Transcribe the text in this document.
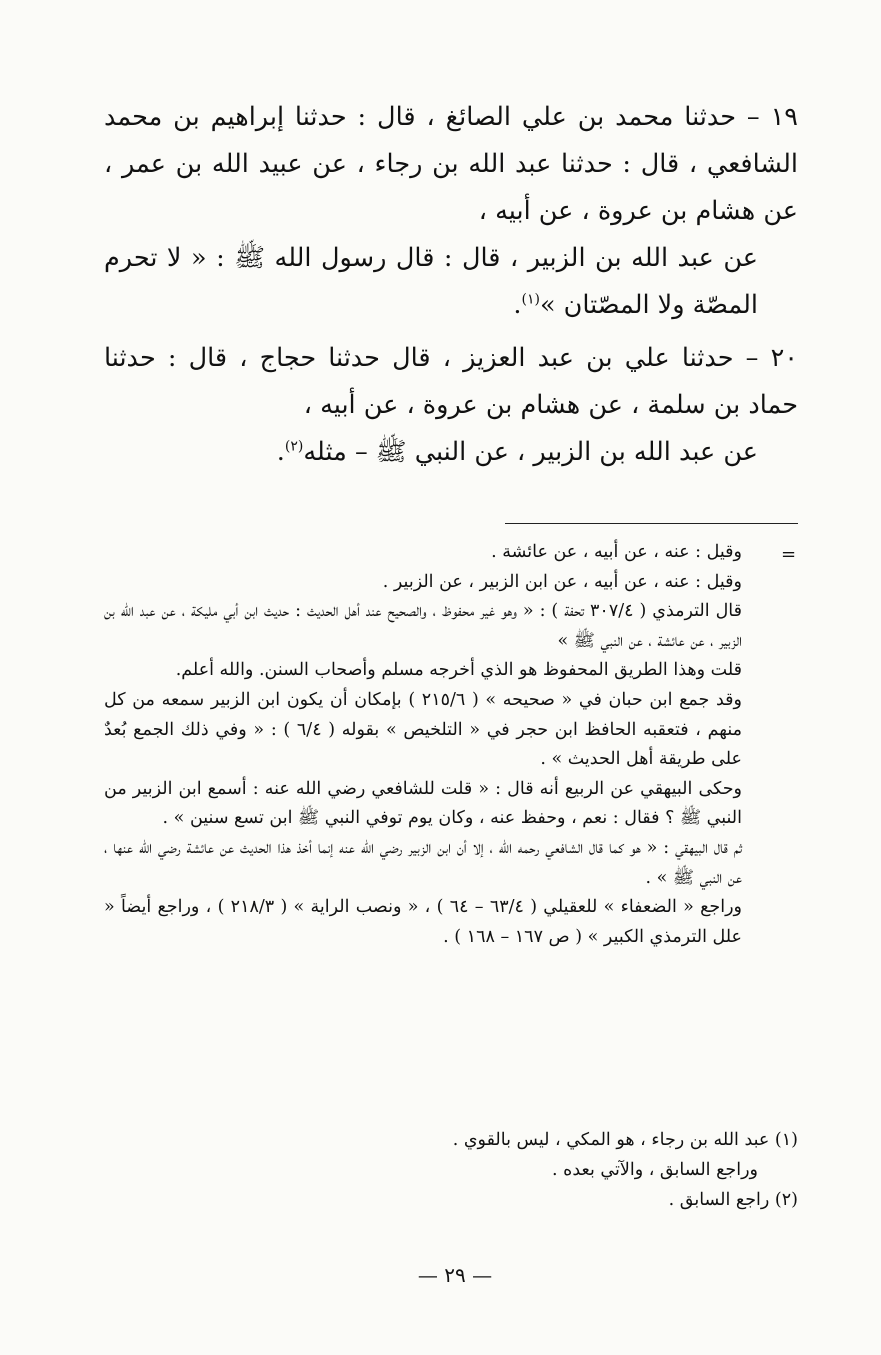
١٩ – حدثنا محمد بن علي الصائغ ، قال : حدثنا إبراهيم بن محمد الشافعي ، قال : حدثنا عبد الله بن رجاء ، عن عبيد الله بن عمر ، عن هشام بن عروة ، عن أبيه ،

عن عبد الله بن الزبير ، قال : قال رسول الله ﷺ : « لا تحرم المصّة ولا المصّتان »$^{(١)}$.

٢٠ – حدثنا علي بن عبد العزيز ، قال حدثنا حجاج ، قال : حدثنا حماد بن سلمة ، عن هشام بن عروة ، عن أبيه ،

عن عبد الله بن الزبير ، عن النبي ﷺ – مثله$^{(٢)}$.

=

وقيل : عنه ، عن أبيه ، عن عائشة .

وقيل : عنه ، عن أبيه ، عن ابن الزبير ، عن الزبير .

قال الترمذي ( ٣٠٧/٤ تحفة ) : « وهو غير محفوظ ، والصحيح عند أهل الحديث : حديث ابن أبي مليكة ، عن عبد الله بن الزبير ، عن عائشة ، عن النبي ﷺ »

قلت وهذا الطريق المحفوظ هو الذي أخرجه مسلم وأصحاب السنن. والله أعلم.

وقد جمع ابن حبان في « صحيحه » ( ٢١٥/٦ ) بإمكان أن يكون ابن الزبير سمعه من كل منهم ، فتعقبه الحافظ ابن حجر في « التلخيص » بقوله ( ٦/٤ ) : « وفي ذلك الجمع بُعدٌ على طريقة أهل الحديث » .

وحكى البيهقي عن الربيع أنه قال : « قلت للشافعي رضي الله عنه : أسمع ابن الزبير من النبي ﷺ ؟ فقال : نعم ، وحفظ عنه ، وكان يوم توفي النبي ﷺ ابن تسع سنين » .

ثم قال البيهقي : « هو كما قال الشافعي رحمه الله ، إلا أن ابن الزبير رضي الله عنه إنما أخذ هذا الحديث عن عائشة رضي الله عنها ، عن النبي ﷺ » .

وراجع « الضعفاء » للعقيلي ( ٦٣/٤ – ٦٤ ) ، « ونصب الراية » ( ٢١٨/٣ ) ، وراجع أيضاً « علل الترمذي الكبير » ( ص ١٦٧ – ١٦٨ ) .

(١) عبد الله بن رجاء ، هو المكي ، ليس بالقوي .

وراجع السابق ، والآتي بعده .

(٢) راجع السابق .

— ٢٩ —
